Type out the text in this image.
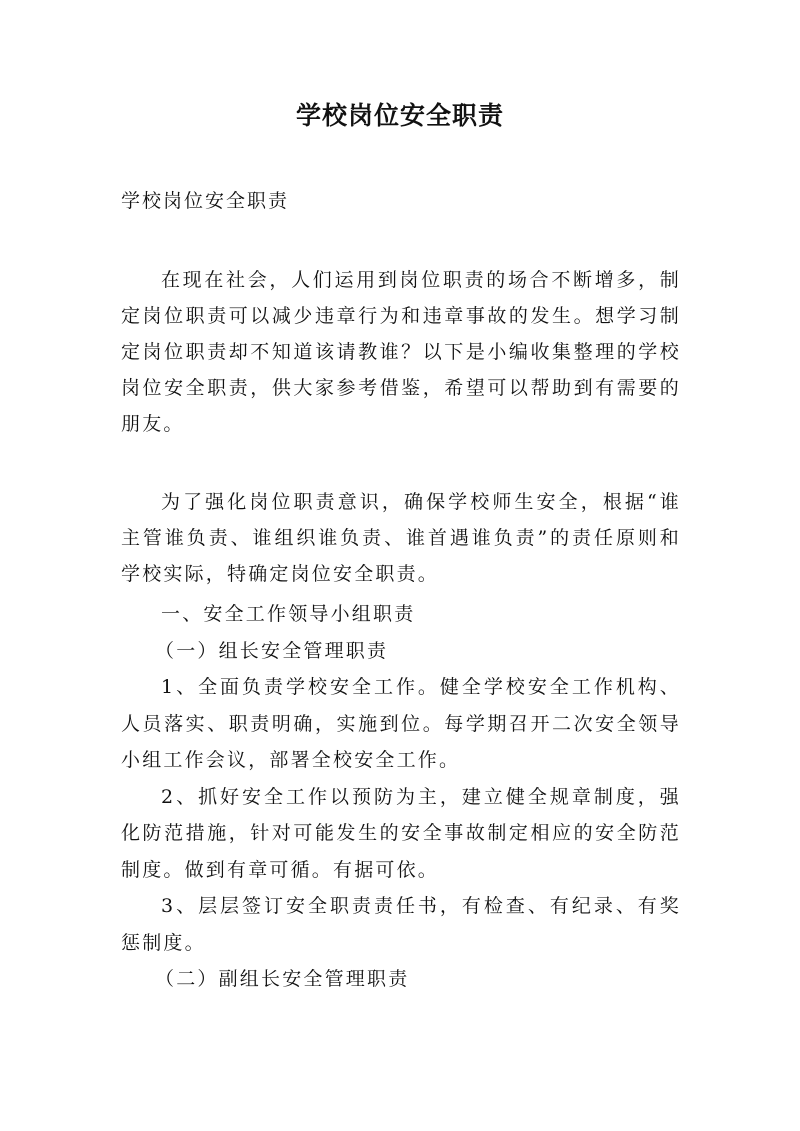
学校岗位安全职责
学校岗位安全职责

在现在社会，人们运用到岗位职责的场合不断增多，制定岗位职责可以减少违章行为和违章事故的发生。想学习制定岗位职责却不知道该请教谁？以下是小编收集整理的学校岗位安全职责，供大家参考借鉴，希望可以帮助到有需要的朋友。

为了强化岗位职责意识，确保学校师生安全，根据“谁主管谁负责、谁组织谁负责、谁首遇谁负责”的责任原则和学校实际，特确定岗位安全职责。

一、安全工作领导小组职责

（一）组长安全管理职责

1、全面负责学校安全工作。健全学校安全工作机构、人员落实、职责明确，实施到位。每学期召开二次安全领导小组工作会议，部署全校安全工作。

2、抓好安全工作以预防为主，建立健全规章制度，强化防范措施，针对可能发生的安全事故制定相应的安全防范制度。做到有章可循。有据可依。

3、层层签订安全职责责任书，有检查、有纪录、有奖惩制度。

（二）副组长安全管理职责
